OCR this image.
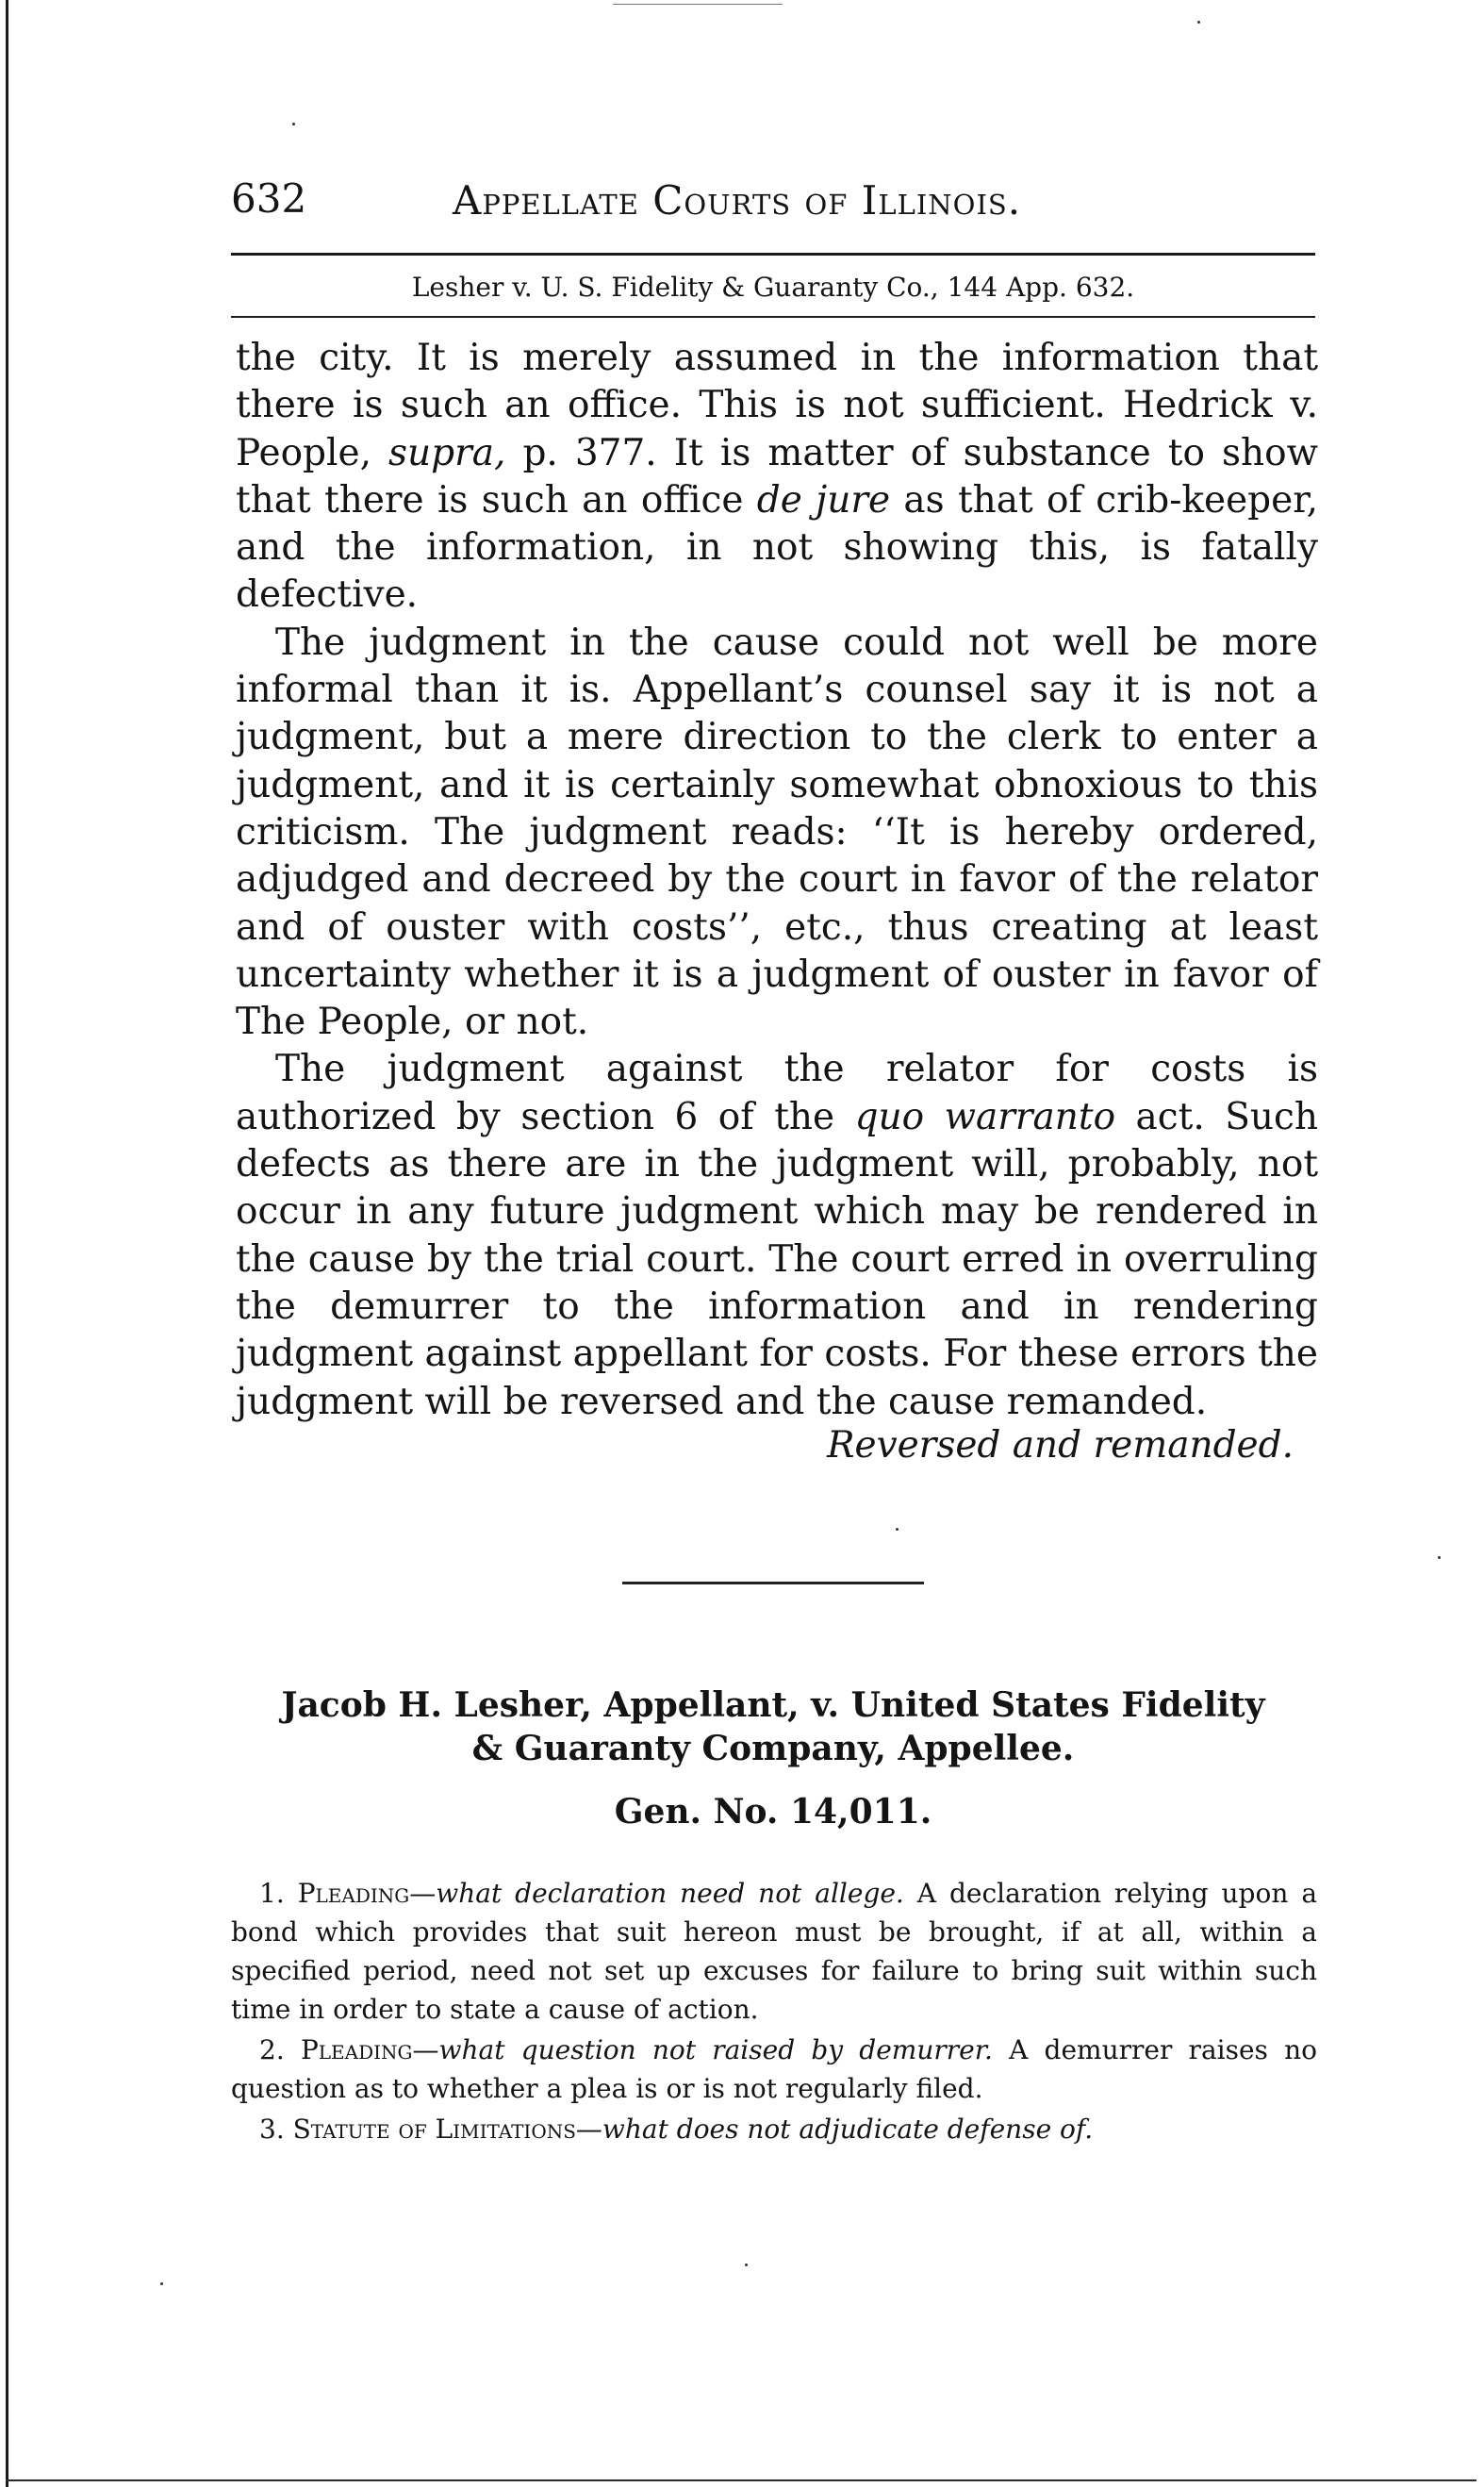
632	Appellate Courts of Illinois.
Lesher v. U. S. Fidelity & Guaranty Co., 144 App. 632.

the city. It is merely assumed in the information that there is such an office. This is not sufficient. Hedrick v. People, supra, p. 377. It is matter of substance to show that there is such an office de jure as that of crib-keeper, and the information, in not showing this, is fatally defective.

The judgment in the cause could not well be more informal than it is. Appellant’s counsel say it is not a judgment, but a mere direction to the clerk to enter a judgment, and it is certainly somewhat obnoxious to this criticism. The judgment reads: ‘‘It is hereby ordered, adjudged and decreed by the court in favor of the relator and of ouster with costs’’, etc., thus creating at least uncertainty whether it is a judgment of ouster in favor of The People, or not.

The judgment against the relator for costs is authorized by section 6 of the quo warranto act. Such defects as there are in the judgment will, probably, not occur in any future judgment which may be rendered in the cause by the trial court. The court erred in overruling the demurrer to the information and in rendering judgment against appellant for costs. For these errors the judgment will be reversed and the cause remanded.

Reversed and remanded.
Jacob H. Lesher, Appellant, v. United States Fidelity
& Guaranty Company, Appellee.
Gen. No. 14,011.

1. Pleading—what declaration need not allege. A declaration relying upon a bond which provides that suit hereon must be brought, if at all, within a specified period, need not set up excuses for failure to bring suit within such time in order to state a cause of action.

2. Pleading—what question not raised by demurrer. A demurrer raises no question as to whether a plea is or is not regularly filed.

3. Statute of Limitations—what does not adjudicate defense of.
